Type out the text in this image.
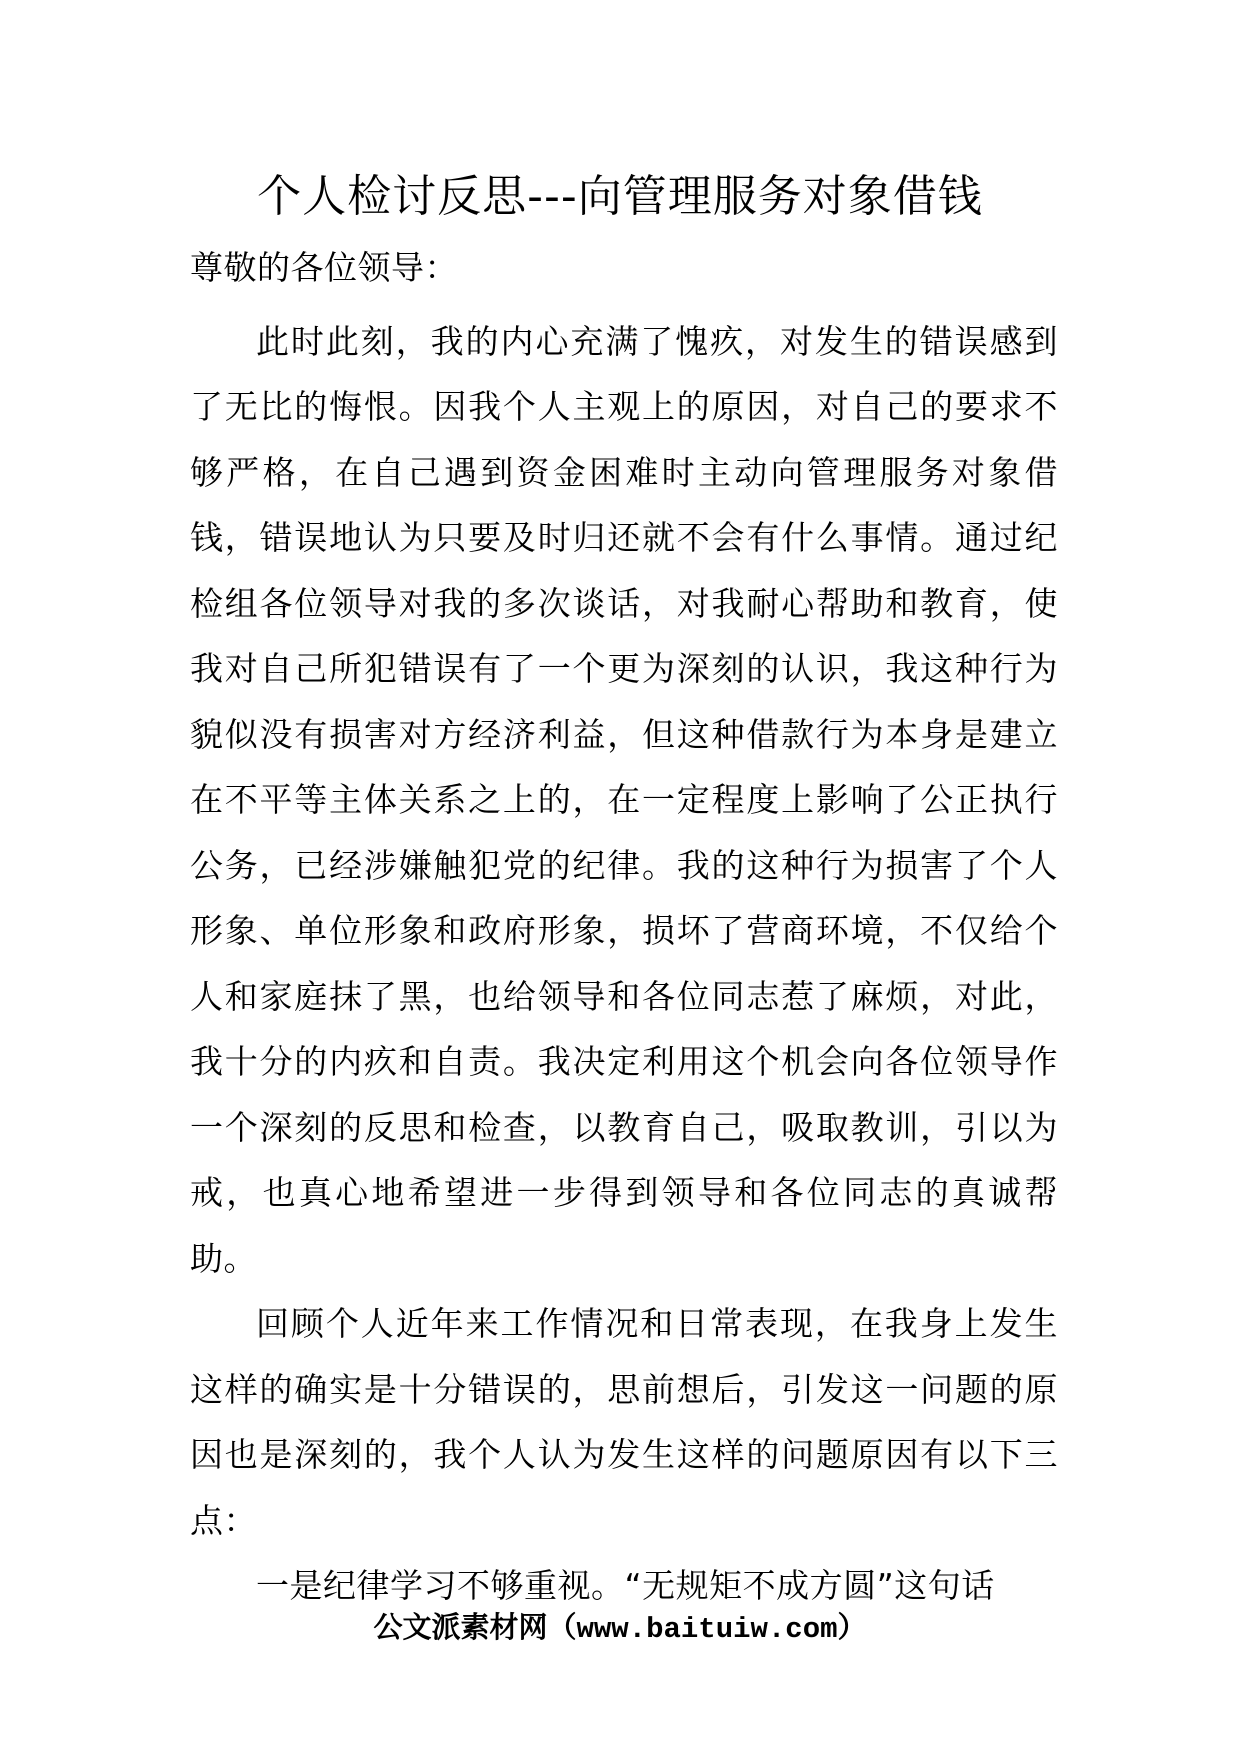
个人检讨反思---向管理服务对象借钱

尊敬的各位领导：

此时此刻，我的内心充满了愧疚，对发生的错误感到了无比的悔恨。因我个人主观上的原因，对自己的要求不够严格，在自己遇到资金困难时主动向管理服务对象借钱，错误地认为只要及时归还就不会有什么事情。通过纪检组各位领导对我的多次谈话，对我耐心帮助和教育，使我对自己所犯错误有了一个更为深刻的认识，我这种行为貌似没有损害对方经济利益，但这种借款行为本身是建立在不平等主体关系之上的，在一定程度上影响了公正执行公务，已经涉嫌触犯党的纪律。我的这种行为损害了个人形象、单位形象和政府形象，损坏了营商环境，不仅给个人和家庭抹了黑，也给领导和各位同志惹了麻烦，对此，我十分的内疚和自责。我决定利用这个机会向各位领导作一个深刻的反思和检查，以教育自己，吸取教训，引以为戒，也真心地希望进一步得到领导和各位同志的真诚帮助。

回顾个人近年来工作情况和日常表现，在我身上发生这样的确实是十分错误的，思前想后，引发这一问题的原因也是深刻的，我个人认为发生这样的问题原因有以下三点：

一是纪律学习不够重视。“无规矩不成方圆”这句话

公文派素材网（www.baituiw.com）
